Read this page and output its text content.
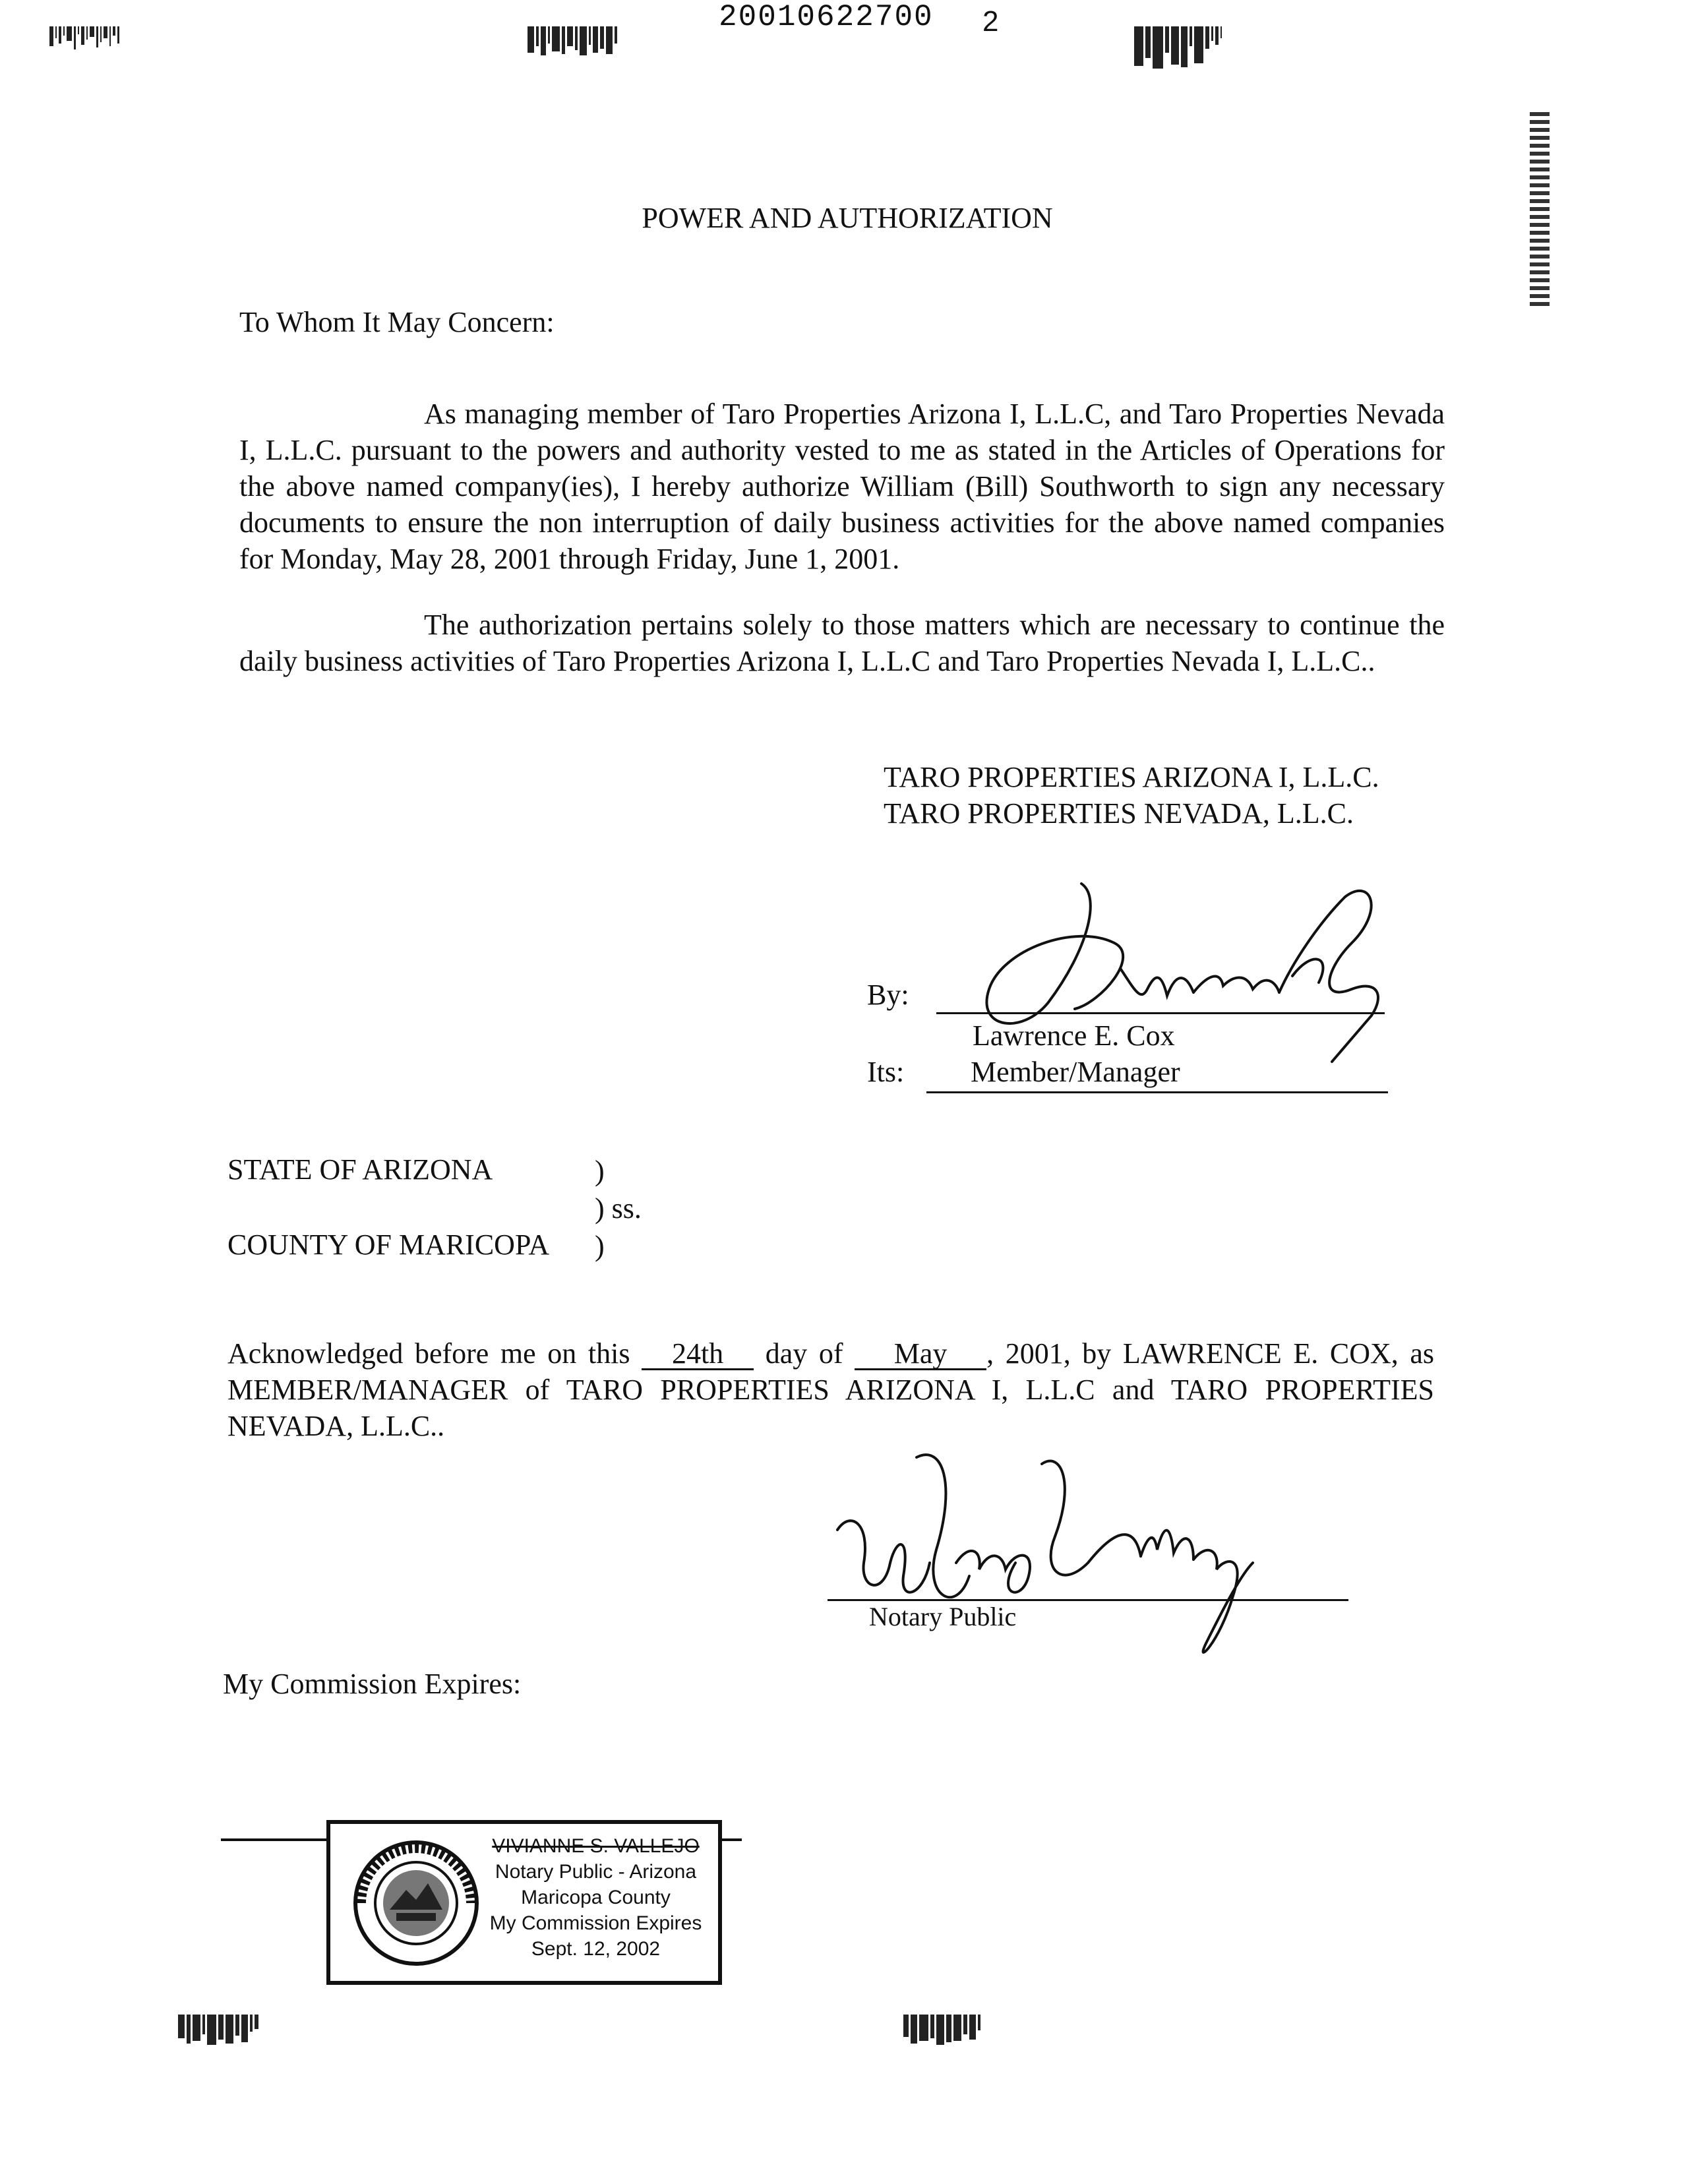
20010622700 2
POWER AND AUTHORIZATION
To Whom It May Concern:

As managing member of Taro Properties Arizona I, L.L.C, and Taro Properties Nevada I, L.L.C. pursuant to the powers and authority vested to me as stated in the Articles of Operations for the above named company(ies), I hereby authorize William (Bill) Southworth to sign any necessary documents to ensure the non interruption of daily business activities for the above named companies for Monday, May 28, 2001 through Friday, June 1, 2001.

The authorization pertains solely to those matters which are necessary to continue the daily business activities of Taro Properties Arizona I, L.L.C and Taro Properties Nevada I, L.L.C..

TARO PROPERTIES ARIZONA I, L.L.C.
TARO PROPERTIES NEVADA, L.L.C.
By:
Lawrence E. Cox
Its: Member/Manager
STATE OF ARIZONA	)
) ss.
COUNTY OF MARICOPA )

Acknowledged before me on this 24th day of May , 2001, by LAWRENCE E. COX, as MEMBER/MANAGER of TARO PROPERTIES ARIZONA I, L.L.C and TARO PROPERTIES NEVADA, L.L.C..

Notary Public
My Commission Expires:
VIVIANNE S. VALLEJO
Notary Public - Arizona
Maricopa County
My Commission Expires
Sept. 12, 2002
